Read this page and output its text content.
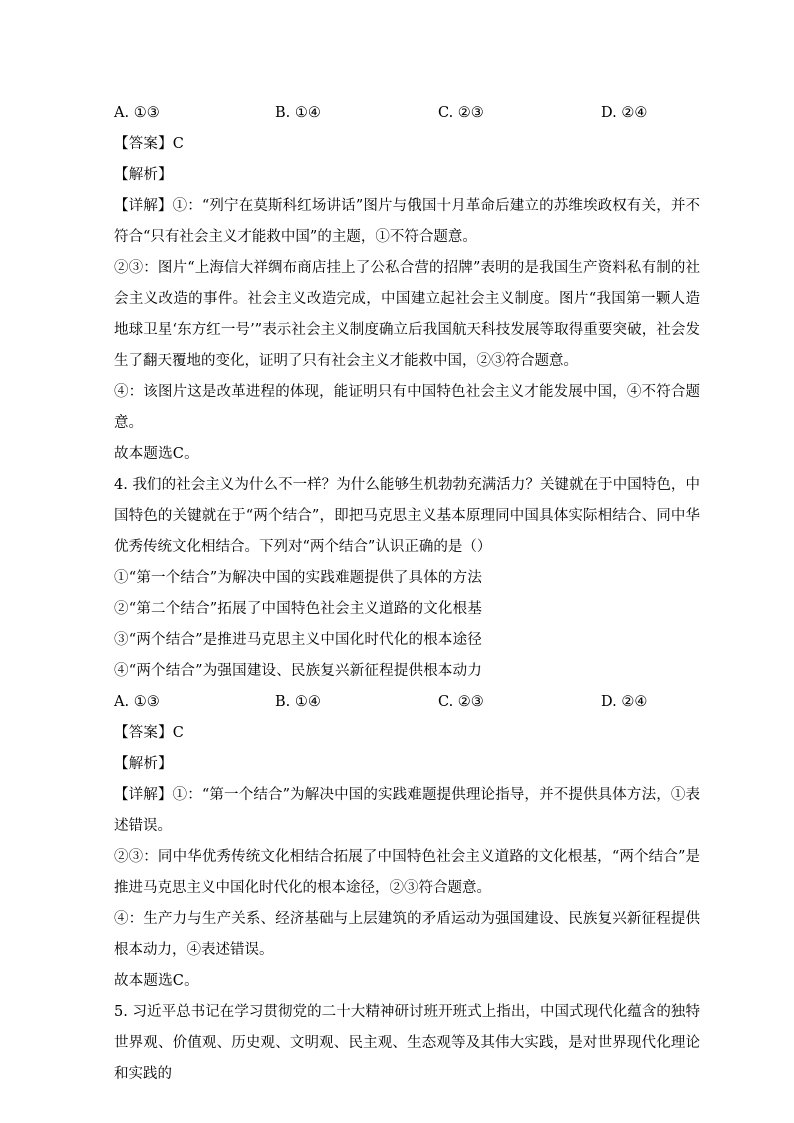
A. ①③	B. ①④	C. ②③	D. ②④
【答案】C
【解析】
【详解】①：“列宁在莫斯科红场讲话”图片与俄国十月革命后建立的苏维埃政权有关，并不符合“只有社会主义才能救中国”的主题，①不符合题意。
②③：图片“上海信大祥绸布商店挂上了公私合营的招牌”表明的是我国生产资料私有制的社会主义改造的事件。社会主义改造完成，中国建立起社会主义制度。图片“我国第一颗人造地球卫星‘东方红一号’”表示社会主义制度确立后我国航天科技发展等取得重要突破，社会发生了翻天覆地的变化，证明了只有社会主义才能救中国，②③符合题意。
④：该图片这是改革进程的体现，能证明只有中国特色社会主义才能发展中国，④不符合题意。
故本题选C。
4. 我们的社会主义为什么不一样？为什么能够生机勃勃充满活力？关键就在于中国特色，中国特色的关键就在于“两个结合”，即把马克思主义基本原理同中国具体实际相结合、同中华优秀传统文化相结合。下列对“两个结合”认识正确的是（）
①“第一个结合”为解决中国的实践难题提供了具体的方法
②“第二个结合”拓展了中国特色社会主义道路的文化根基
③“两个结合”是推进马克思主义中国化时代化的根本途径
④“两个结合”为强国建设、民族复兴新征程提供根本动力
A. ①③	B. ①④	C. ②③	D. ②④
【答案】C
【解析】
【详解】①：“第一个结合”为解决中国的实践难题提供理论指导，并不提供具体方法，①表述错误。
②③：同中华优秀传统文化相结合拓展了中国特色社会主义道路的文化根基，“两个结合”是推进马克思主义中国化时代化的根本途径，②③符合题意。
④：生产力与生产关系、经济基础与上层建筑的矛盾运动为强国建设、民族复兴新征程提供根本动力，④表述错误。
故本题选C。
5. 习近平总书记在学习贯彻党的二十大精神研讨班开班式上指出，中国式现代化蕴含的独特世界观、价值观、历史观、文明观、民主观、生态观等及其伟大实践，是对世界现代化理论和实践的
